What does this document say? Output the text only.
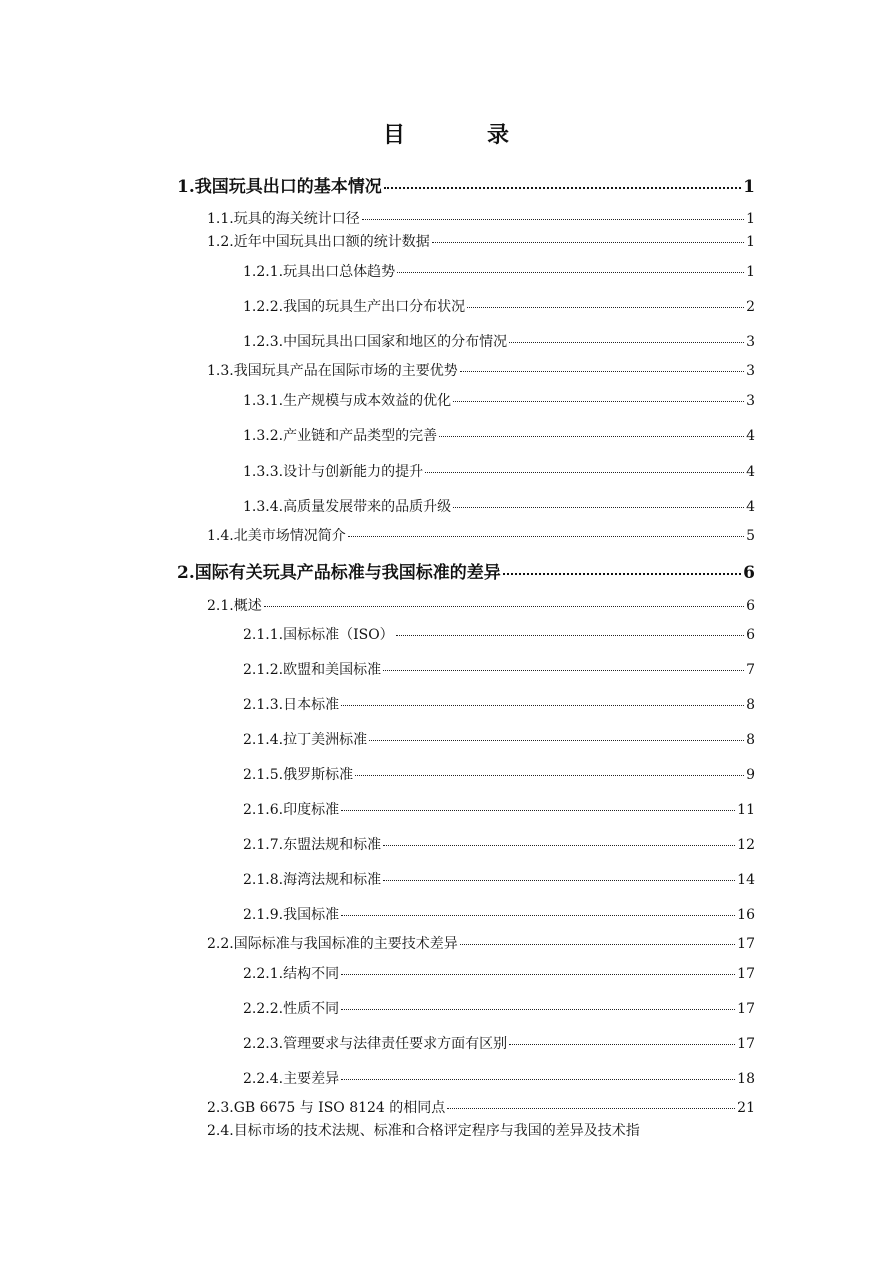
目　录
1.我国玩具出口的基本情况	1
1.1.玩具的海关统计口径	1
1.2.近年中国玩具出口额的统计数据	1
1.2.1.玩具出口总体趋势	1
1.2.2.我国的玩具生产出口分布状况	2
1.2.3.中国玩具出口国家和地区的分布情况	3
1.3.我国玩具产品在国际市场的主要优势	3
1.3.1.生产规模与成本效益的优化	3
1.3.2.产业链和产品类型的完善	4
1.3.3.设计与创新能力的提升	4
1.3.4.高质量发展带来的品质升级	4
1.4.北美市场情况简介	5
2.国际有关玩具产品标准与我国标准的差异	6
2.1.概述	6
2.1.1.国标标准（ISO）	6
2.1.2.欧盟和美国标准	7
2.1.3.日本标准	8
2.1.4.拉丁美洲标准	8
2.1.5.俄罗斯标准	9
2.1.6.印度标准	11
2.1.7.东盟法规和标准	12
2.1.8.海湾法规和标准	14
2.1.9.我国标准	16
2.2.国际标准与我国标准的主要技术差异	17
2.2.1.结构不同	17
2.2.2.性质不同	17
2.2.3.管理要求与法律责任要求方面有区别	17
2.2.4.主要差异	18
2.3.GB 6675 与 ISO 8124 的相同点	21
2.4.目标市场的技术法规、标准和合格评定程序与我国的差异及技术指
